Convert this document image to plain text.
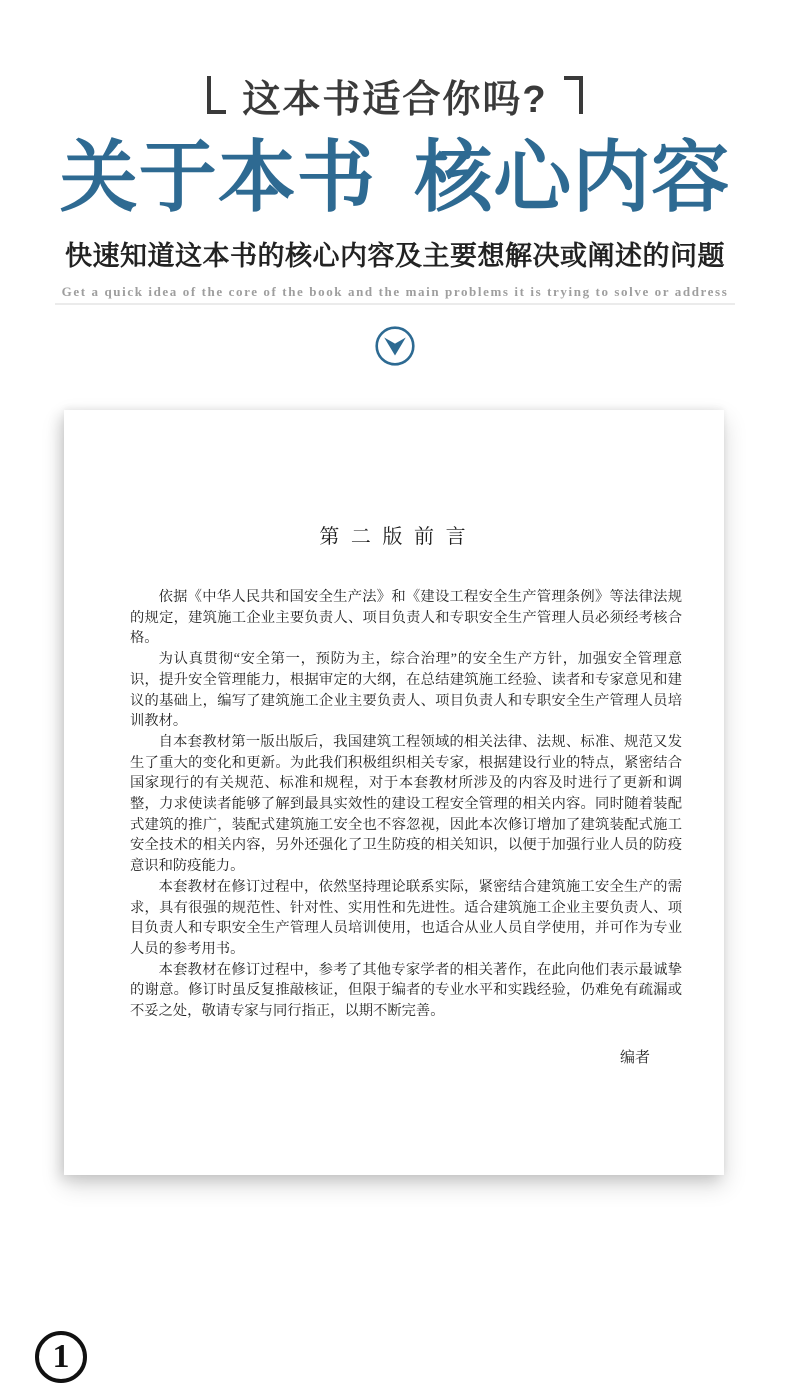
这本书适合你吗?
关于本书 核心内容

快速知道这本书的核心内容及主要想解决或阐述的问题

Get a quick idea of the core of the book and the main problems it is trying to solve or address

第 二 版 前 言

依据《中华人民共和国安全生产法》和《建设工程安全生产管理条例》等法律法规的规定，建筑施工企业主要负责人、项目负责人和专职安全生产管理人员必须经考核合格。

为认真贯彻“安全第一，预防为主，综合治理”的安全生产方针，加强安全管理意识，提升安全管理能力，根据审定的大纲，在总结建筑施工经验、读者和专家意见和建议的基础上，编写了建筑施工企业主要负责人、项目负责人和专职安全生产管理人员培训教材。

自本套教材第一版出版后，我国建筑工程领域的相关法律、法规、标准、规范又发生了重大的变化和更新。为此我们积极组织相关专家，根据建设行业的特点，紧密结合国家现行的有关规范、标准和规程，对于本套教材所涉及的内容及时进行了更新和调整，力求使读者能够了解到最具实效性的建设工程安全管理的相关内容。同时随着装配式建筑的推广，装配式建筑施工安全也不容忽视，因此本次修订增加了建筑装配式施工安全技术的相关内容，另外还强化了卫生防疫的相关知识，以便于加强行业人员的防疫意识和防疫能力。

本套教材在修订过程中，依然坚持理论联系实际，紧密结合建筑施工安全生产的需求，具有很强的规范性、针对性、实用性和先进性。适合建筑施工企业主要负责人、项目负责人和专职安全生产管理人员培训使用，也适合从业人员自学使用，并可作为专业人员的参考用书。

本套教材在修订过程中，参考了其他专家学者的相关著作，在此向他们表示最诚挚的谢意。修订时虽反复推敲核证，但限于编者的专业水平和实践经验，仍难免有疏漏或不妥之处，敬请专家与同行指正，以期不断完善。

编者

1
